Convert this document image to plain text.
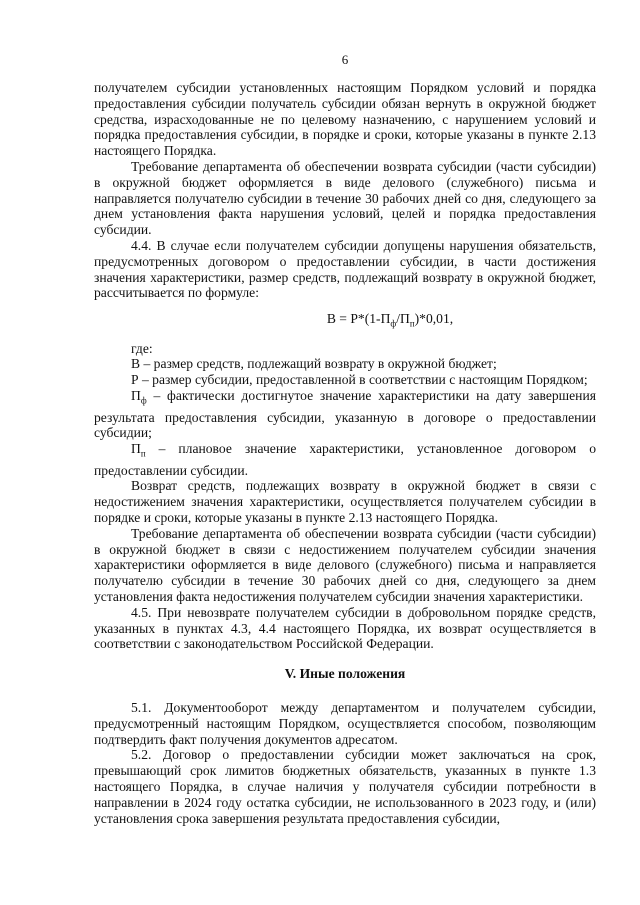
6

получателем субсидии установленных настоящим Порядком условий и порядка предоставления субсидии получатель субсидии обязан вернуть в окружной бюджет средства, израсходованные не по целевому назначению, с нарушением условий и порядка предоставления субсидии, в порядке и сроки, которые указаны в пункте 2.13 настоящего Порядка.

Требование департамента об обеспечении возврата субсидии (части субсидии) в окружной бюджет оформляется в виде делового (служебного) письма и направляется получателю субсидии в течение 30 рабочих дней со дня, следующего за днем установления факта нарушения условий, целей и порядка предоставления субсидии.

4.4. В случае если получателем субсидии допущены нарушения обязательств, предусмотренных договором о предоставлении субсидии, в части достижения значения характеристики, размер средств, подлежащий возврату в окружной бюджет, рассчитывается по формуле:

$В = Р*(1-П_ф/П_п)*0,01$,

где:

В – размер средств, подлежащий возврату в окружной бюджет;

Р – размер субсидии, предоставленной в соответствии с настоящим Порядком;

$П_ф$ – фактически достигнутое значение характеристики на дату завершения результата предоставления субсидии, указанную в договоре о предоставлении субсидии;

$П_п$ – плановое значение характеристики, установленное договором о предоставлении субсидии.

Возврат средств, подлежащих возврату в окружной бюджет в связи с недостижением значения характеристики, осуществляется получателем субсидии в порядке и сроки, которые указаны в пункте 2.13 настоящего Порядка.

Требование департамента об обеспечении возврата субсидии (части субсидии) в окружной бюджет в связи с недостижением получателем субсидии значения характеристики оформляется в виде делового (служебного) письма и направляется получателю субсидии в течение 30 рабочих дней со дня, следующего за днем установления факта недостижения получателем субсидии значения характеристики.

4.5. При невозврате получателем субсидии в добровольном порядке средств, указанных в пунктах 4.3, 4.4 настоящего Порядка, их возврат осуществляется в соответствии с законодательством Российской Федерации.

V. Иные положения

5.1. Документооборот между департаментом и получателем субсидии, предусмотренный настоящим Порядком, осуществляется способом, позволяющим подтвердить факт получения документов адресатом.

5.2. Договор о предоставлении субсидии может заключаться на срок, превышающий срок лимитов бюджетных обязательств, указанных в пункте 1.3 настоящего Порядка, в случае наличия у получателя субсидии потребности в направлении в 2024 году остатка субсидии, не использованного в 2023 году, и (или) установления срока завершения результата предоставления субсидии,
